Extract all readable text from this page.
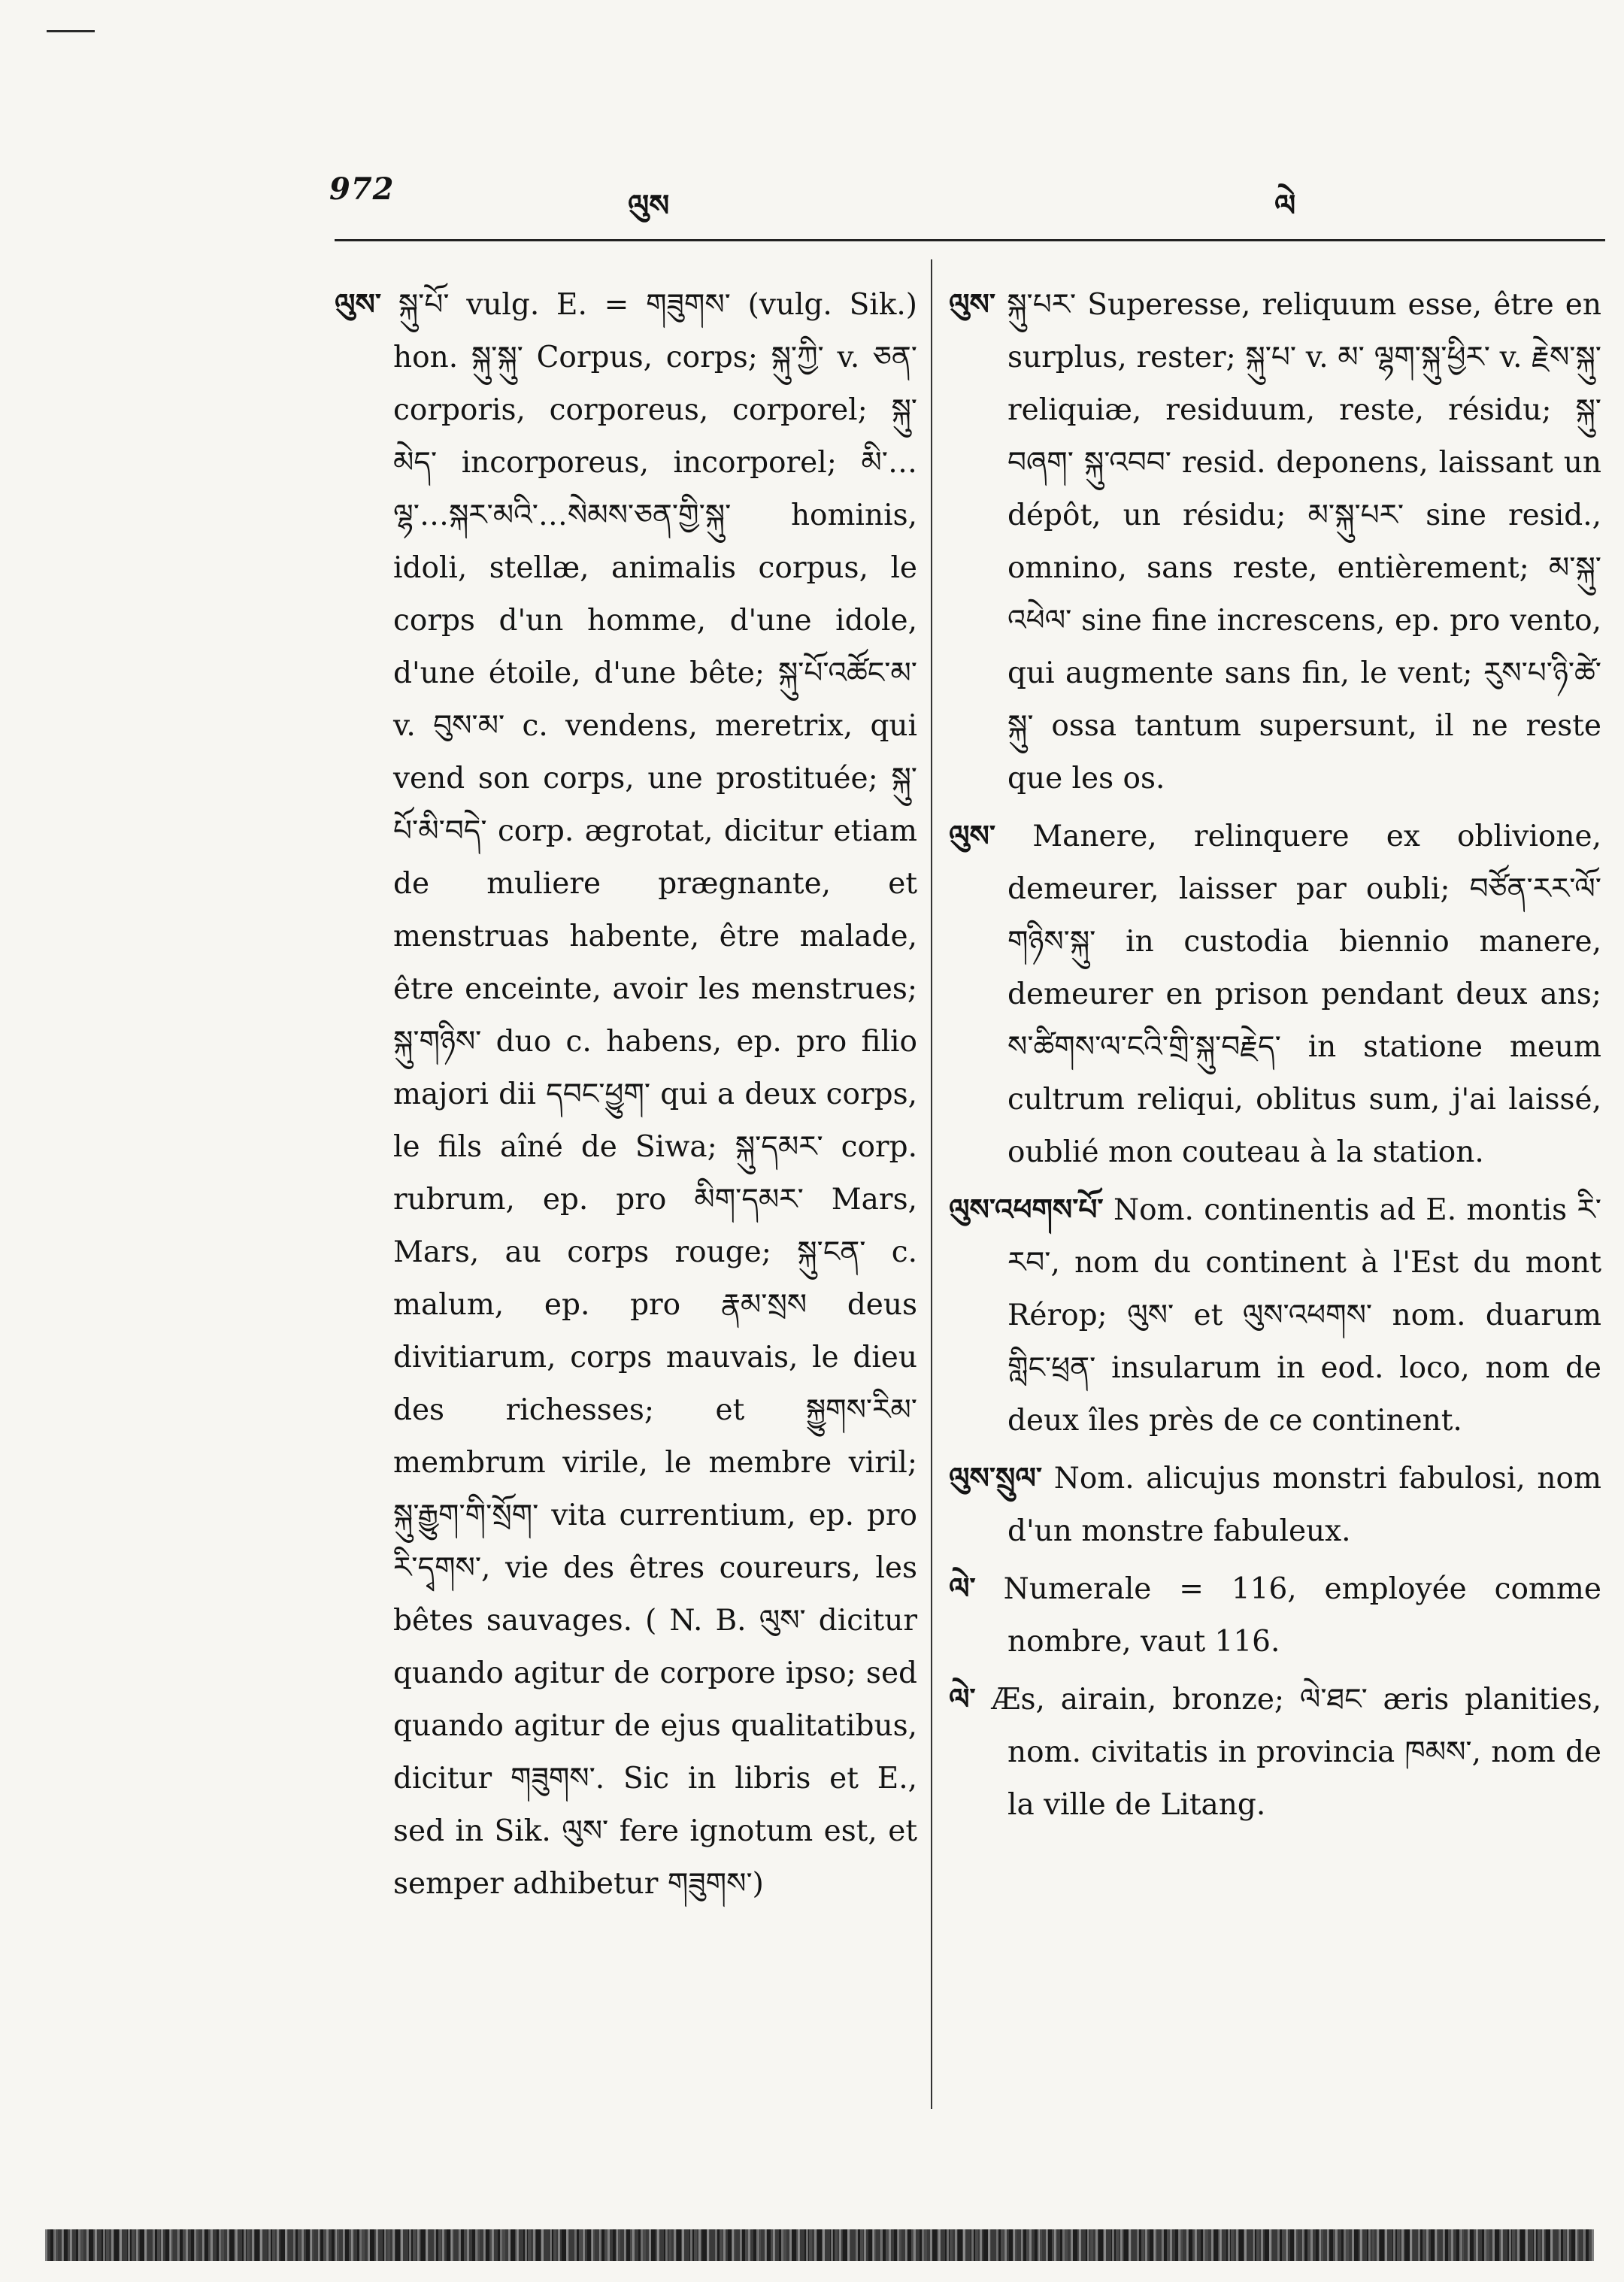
972	ལུས	ལེ

ལུས་ སྐུ་པོ་ vulg. E. = གཟུགས་ (vulg. Sik.) hon. སྐུ་སྐུ་ Corpus, corps; སྐུ་ཀྱི་ v. ཅན་ corporis, corporeus, corporel; སྐུ་མེད་ incorporeus, incorporel; མི་…ལྷ་…སྐར་མའི་…སེམས་ཅན་གྱི་སྐུ་ hominis, idoli, stellæ, animalis corpus, le corps d'un homme, d'une idole, d'une étoile, d'une bête; སྐུ་པོ་འཚོང་མ་ v. བུས་མ་ c. vendens, meretrix, qui vend son corps, une prostituée; སྐུ་པོ་མི་བདེ་ corp. ægrotat, dicitur etiam de muliere prægnante, et menstruas habente, être malade, être enceinte, avoir les menstrues; སྐུ་གཉིས་ duo c. habens, ep. pro filio majori dii དབང་ཕྱུག་ qui a deux corps, le fils aîné de Siwa; སྐུ་དམར་ corp. rubrum, ep. pro མིག་དམར་ Mars, Mars, au corps rouge; སྐུ་ངན་ c. malum, ep. pro རྣམ་སྲས deus divitiarum, corps mauvais, le dieu des richesses; et སྐྱུགས་རིམ་ membrum virile, le membre viril; སྐུ་རྒྱུག་གི་སྲོག་ vita currentium, ep. pro རི་དྭགས་, vie des êtres coureurs, les bêtes sauvages. ( N. B. ལུས་ dicitur quando agitur de corpore ipso; sed quando agitur de ejus qualitatibus, dicitur གཟུགས་. Sic in libris et E., sed in Sik. ལུས་ fere ignotum est, et semper adhibetur གཟུགས་)

ལུས་ སྐུ་པར་ Superesse, reliquum esse, être en surplus, rester; སྐུ་པ་ v. མ་ ལྷག་སྐུ་ཕྱིར་ v. རྗེས་སྐུ་ reliquiæ, residuum, reste, résidu; སྐུ་བཞག་ སྐུ་འབབ་ resid. deponens, laissant un dépôt, un résidu; མ་སྐུ་པར་ sine resid., omnino, sans reste, entièrement; མ་སྐུ་འཕེལ་ sine fine increscens, ep. pro vento, qui augmente sans fin, le vent; རུས་པ་ཉི་ཚེ་སྐུ་ ossa tantum supersunt, il ne reste que les os.

ལུས་ Manere, relinquere ex oblivione, demeurer, laisser par oubli; བཙོན་རར་ལོ་གཉིས་སྐུ་ in custodia biennio manere, demeurer en prison pendant deux ans; ས་ཚིགས་ལ་ངའི་གྲི་སྐུ་བརྗེད་ in statione meum cultrum reliqui, oblitus sum, j'ai laissé, oublié mon couteau à la station.

ལུས་འཕགས་པོ་ Nom. continentis ad E. montis རི་རབ་, nom du continent à l'Est du mont Rérop; ལུས་ et ལུས་འཕགས་ nom. duarum གླིང་ཕྲན་ insularum in eod. loco, nom de deux îles près de ce continent.

ལུས་སྲུལ་ Nom. alicujus monstri fabulosi, nom d'un monstre fabuleux.

ལེ་ Numerale = 116, employée comme nombre, vaut 116.

ལེ་ Æs, airain, bronze; ལེ་ཐང་ æris planities, nom. civitatis in provincia ཁམས་, nom de la ville de Litang.
